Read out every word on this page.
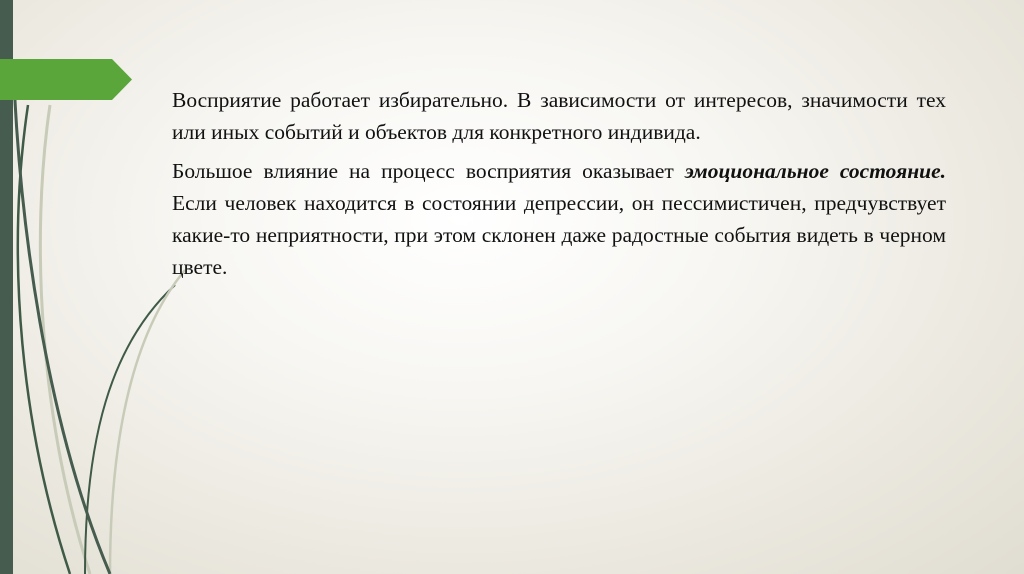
Восприятие работает избирательно. В зависимости от интересов, значимости тех или иных событий и объектов для конкретного индивида.

Большое влияние на процесс восприятия оказывает эмоциональное состояние. Если человек находится в состоянии депрессии, он пессимистичен, предчувствует какие-то неприятности, при этом склонен даже радостные события видеть в черном цвете.
